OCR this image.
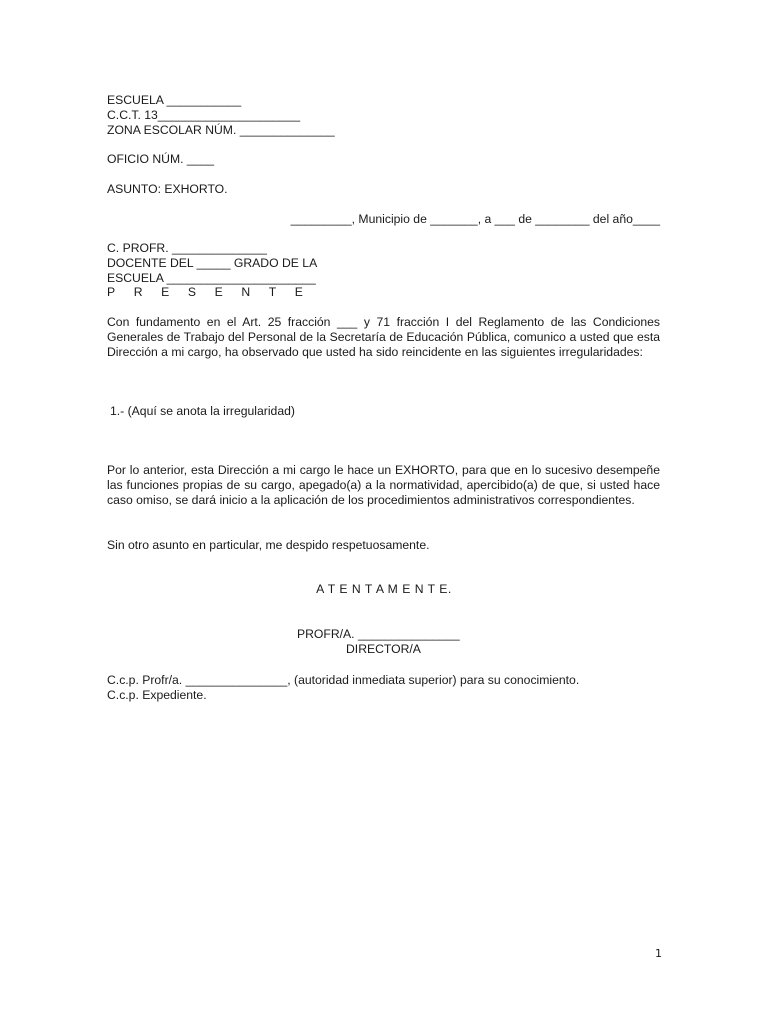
ESCUELA ___________
C.C.T. 13_____________________
ZONA ESCOLAR NÚM. ______________
OFICIO NÚM. ____
ASUNTO: EXHORTO.
_________, Municipio de _______, a ___ de ________ del año____
C. PROFR. ______________
DOCENTE DEL _____ GRADO DE LA
ESCUELA ______________________
P R E S E N T E
Con fundamento en el Art. 25 fracción ___ y 71 fracción I del Reglamento de las Condiciones Generales de Trabajo del Personal de la Secretaría de Educación Pública, comunico a usted que esta Dirección a mi cargo, ha observado que usted ha sido reincidente en las siguientes irregularidades:
1.- (Aquí se anota la irregularidad)
Por lo anterior, esta Dirección a mi cargo le hace un EXHORTO, para que en lo sucesivo desempeñe las funciones propias de su cargo, apegado(a) a la normatividad, apercibido(a) de que, si usted hace caso omiso, se dará inicio a la aplicación de los procedimientos administrativos correspondientes.
Sin otro asunto en particular, me despido respetuosamente.
A T E N T A M E N T E.
PROFR/A. _______________
DIRECTOR/A
C.c.p. Profr/a. _______________, (autoridad inmediata superior) para su conocimiento.
C.c.p. Expediente.
1
